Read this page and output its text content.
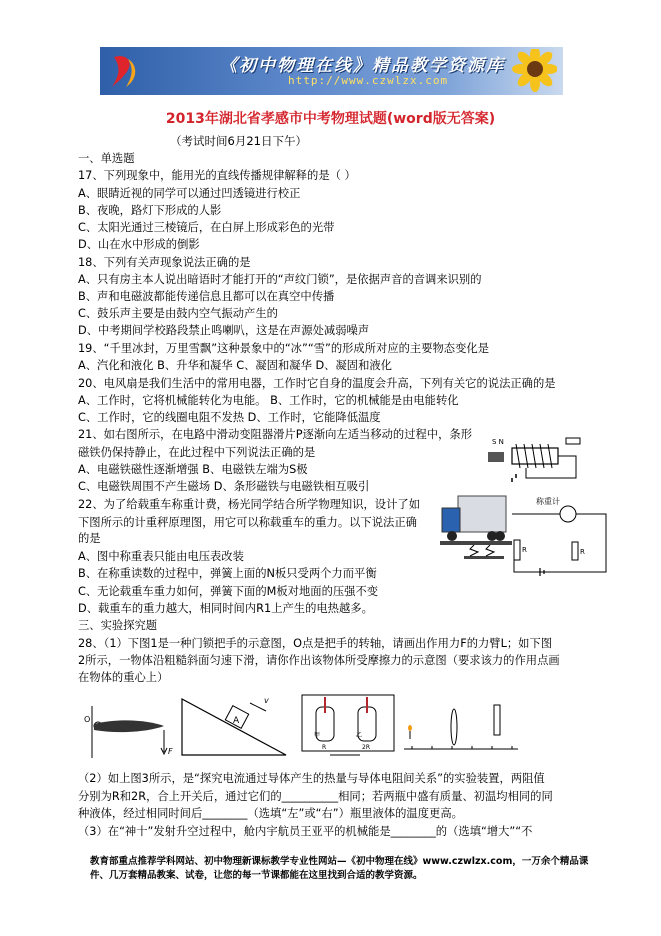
《初中物理在线》精品教学资源库
http://www.czwlzx.com
2013年湖北省孝感市中考物理试题(word版无答案)
（考试时间6月21日下午）
一、单选题
17、下列现象中，能用光的直线传播规律解释的是（ ）
A、眼睛近视的同学可以通过凹透镜进行校正
B、夜晚，路灯下形成的人影
C、太阳光通过三棱镜后，在白屏上形成彩色的光带
D、山在水中形成的倒影
18、下列有关声现象说法正确的是
A、只有房主本人说出暗语时才能打开的“声纹门锁”，是依据声音的音调来识别的
B、声和电磁波都能传递信息且都可以在真空中传播
C、鼓乐声主要是由鼓内空气振动产生的
D、中考期间学校路段禁止鸣喇叭，这是在声源处减弱噪声
19、“千里冰封，万里雪飘”这种景象中的“冰”“雪”的形成所对应的主要物态变化是
A、汽化和液化 B、升华和凝华 C、凝固和凝华 D、凝固和液化
20、电风扇是我们生活中的常用电器，工作时它自身的温度会升高，下列有关它的说法正确的是
A、工作时，它将机械能转化为电能。 B、工作时，它的机械能是由电能转化
C、工作时，它的线圈电阻不发热 D、工作时，它能降低温度
21、如右图所示，在电路中滑动变阻器滑片P逐渐向左适当移动的过程中，条形
磁铁仍保持静止，在此过程中下列说法正确的是
A、电磁铁磁性逐渐增强 B、电磁铁左端为S极
C、电磁铁周围不产生磁场 D、条形磁铁与电磁铁相互吸引
22、为了给载重车称重计费，杨光同学结合所学物理知识，设计了如
下图所示的计重秤原理图，用它可以称载重车的重力。以下说法正确
的是
A、图中称重表只能由电压表改装
B、在称重读数的过程中，弹簧上面的N板只受两个力而平衡
C、无论载重车重力如何，弹簧下面的M板对地面的压强不变
D、载重车的重力越大，相同时间内R1上产生的电热越多。
三、实验探究题
28、（1）下图1是一种门锁把手的示意图，O点是把手的转轴，请画出作用力F的力臂L；如下图
2所示，一物体沿粗糙斜面匀速下滑，请你作出该物体所受摩擦力的示意图（要求该力的作用点画
在物体的重心上）
（2）如上图3所示，是“探究电流通过导体产生的热量与导体电阻间关系”的实验装置，两阻值
分别为R和2R，合上开关后，通过它们的__________相同；若两瓶中盛有质量、初温均相同的同
种液体，经过相同时间后________（选填“左”或“右”）瓶里液体的温度更高。
（3）在“神十”发射升空过程中，舱内宇航员王亚平的机械能是________的（选填“增大”“不
S N
称重计
R	R
O
F
A
v
甲	乙
R	2R
教育部重点推荐学科网站、初中物理新课标教学专业性网站—《初中物理在线》www.czwlzx.com，一万余个精品课件、几万套精品教案、试卷，让您的每一节课都能在这里找到合适的教学资源。
